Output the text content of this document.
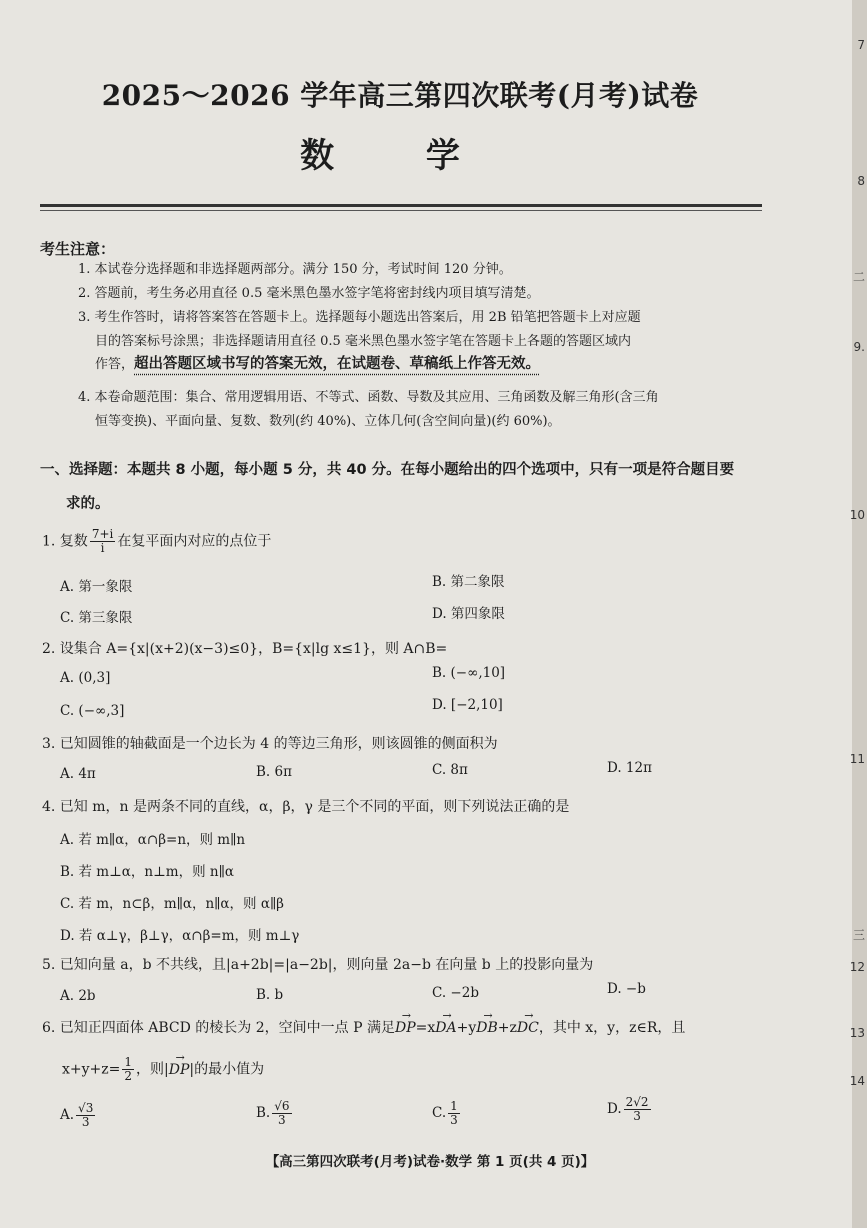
2025～2026 学年高三第四次联考(月考)试卷
数 学
考生注意：
1. 本试卷分选择题和非选择题两部分。满分 150 分，考试时间 120 分钟。
2. 答题前，考生务必用直径 0.5 毫米黑色墨水签字笔将密封线内项目填写清楚。
3. 考生作答时，请将答案答在答题卡上。选择题每小题选出答案后，用 2B 铅笔把答题卡上对应题
目的答案标号涂黑；非选择题请用直径 0.5 毫米黑色墨水签字笔在答题卡上各题的答题区域内
作答，超出答题区域书写的答案无效，在试题卷、草稿纸上作答无效。
4. 本卷命题范围：集合、常用逻辑用语、不等式、函数、导数及其应用、三角函数及解三角形(含三角
恒等变换)、平面向量、复数、数列(约 40%)、立体几何(含空间向量)(约 60%)。
一、选择题：本题共 8 小题，每小题 5 分，共 40 分。在每小题给出的四个选项中，只有一项是符合题目要
求的。
1. 复数 $\frac{7+i}{i}$ 在复平面内对应的点位于
A. 第一象限	B. 第二象限
C. 第三象限	D. 第四象限
2. 设集合 A={x|(x+2)(x−3)≤0}，B={x|lg x≤1}，则 A∩B=
A. (0,3]	B. (−∞,10]
C. (−∞,3]	D. [−2,10]
3. 已知圆锥的轴截面是一个边长为 4 的等边三角形，则该圆锥的侧面积为
A. 4π	B. 6π	C. 8π	D. 12π
4. 已知 m，n 是两条不同的直线，α，β，γ 是三个不同的平面，则下列说法正确的是
A. 若 m∥α，α∩β=n，则 m∥n
B. 若 m⊥α，n⊥m，则 n∥α
C. 若 m，n⊂β，m∥α，n∥α，则 α∥β
D. 若 α⊥γ，β⊥γ，α∩β=m，则 m⊥γ
5. 已知向量 a，b 不共线，且|a+2b|=|a−2b|，则向量 2a−b 在向量 b 上的投影向量为
A. 2b	B. b	C. −2b	D. −b
6. 已知正四面体 ABCD 的棱长为 2，空间中一点 P 满足→ DP=x→ DA+y→ DB+z→ DC，其中 x，y，z∈R，且
$x+y+z= \frac{1}{2}$ ，则|→ DP|的最小值为
A. $\frac{√3}{3}$	B. $\frac{√6}{3}$	C. $\frac{1}{3}$	D. $\frac{2√2}{3}$
【高三第四次联考(月考)试卷·数学 第 1 页(共 4 页)】
7
8
二
9.
10
11
三
12
13
14
